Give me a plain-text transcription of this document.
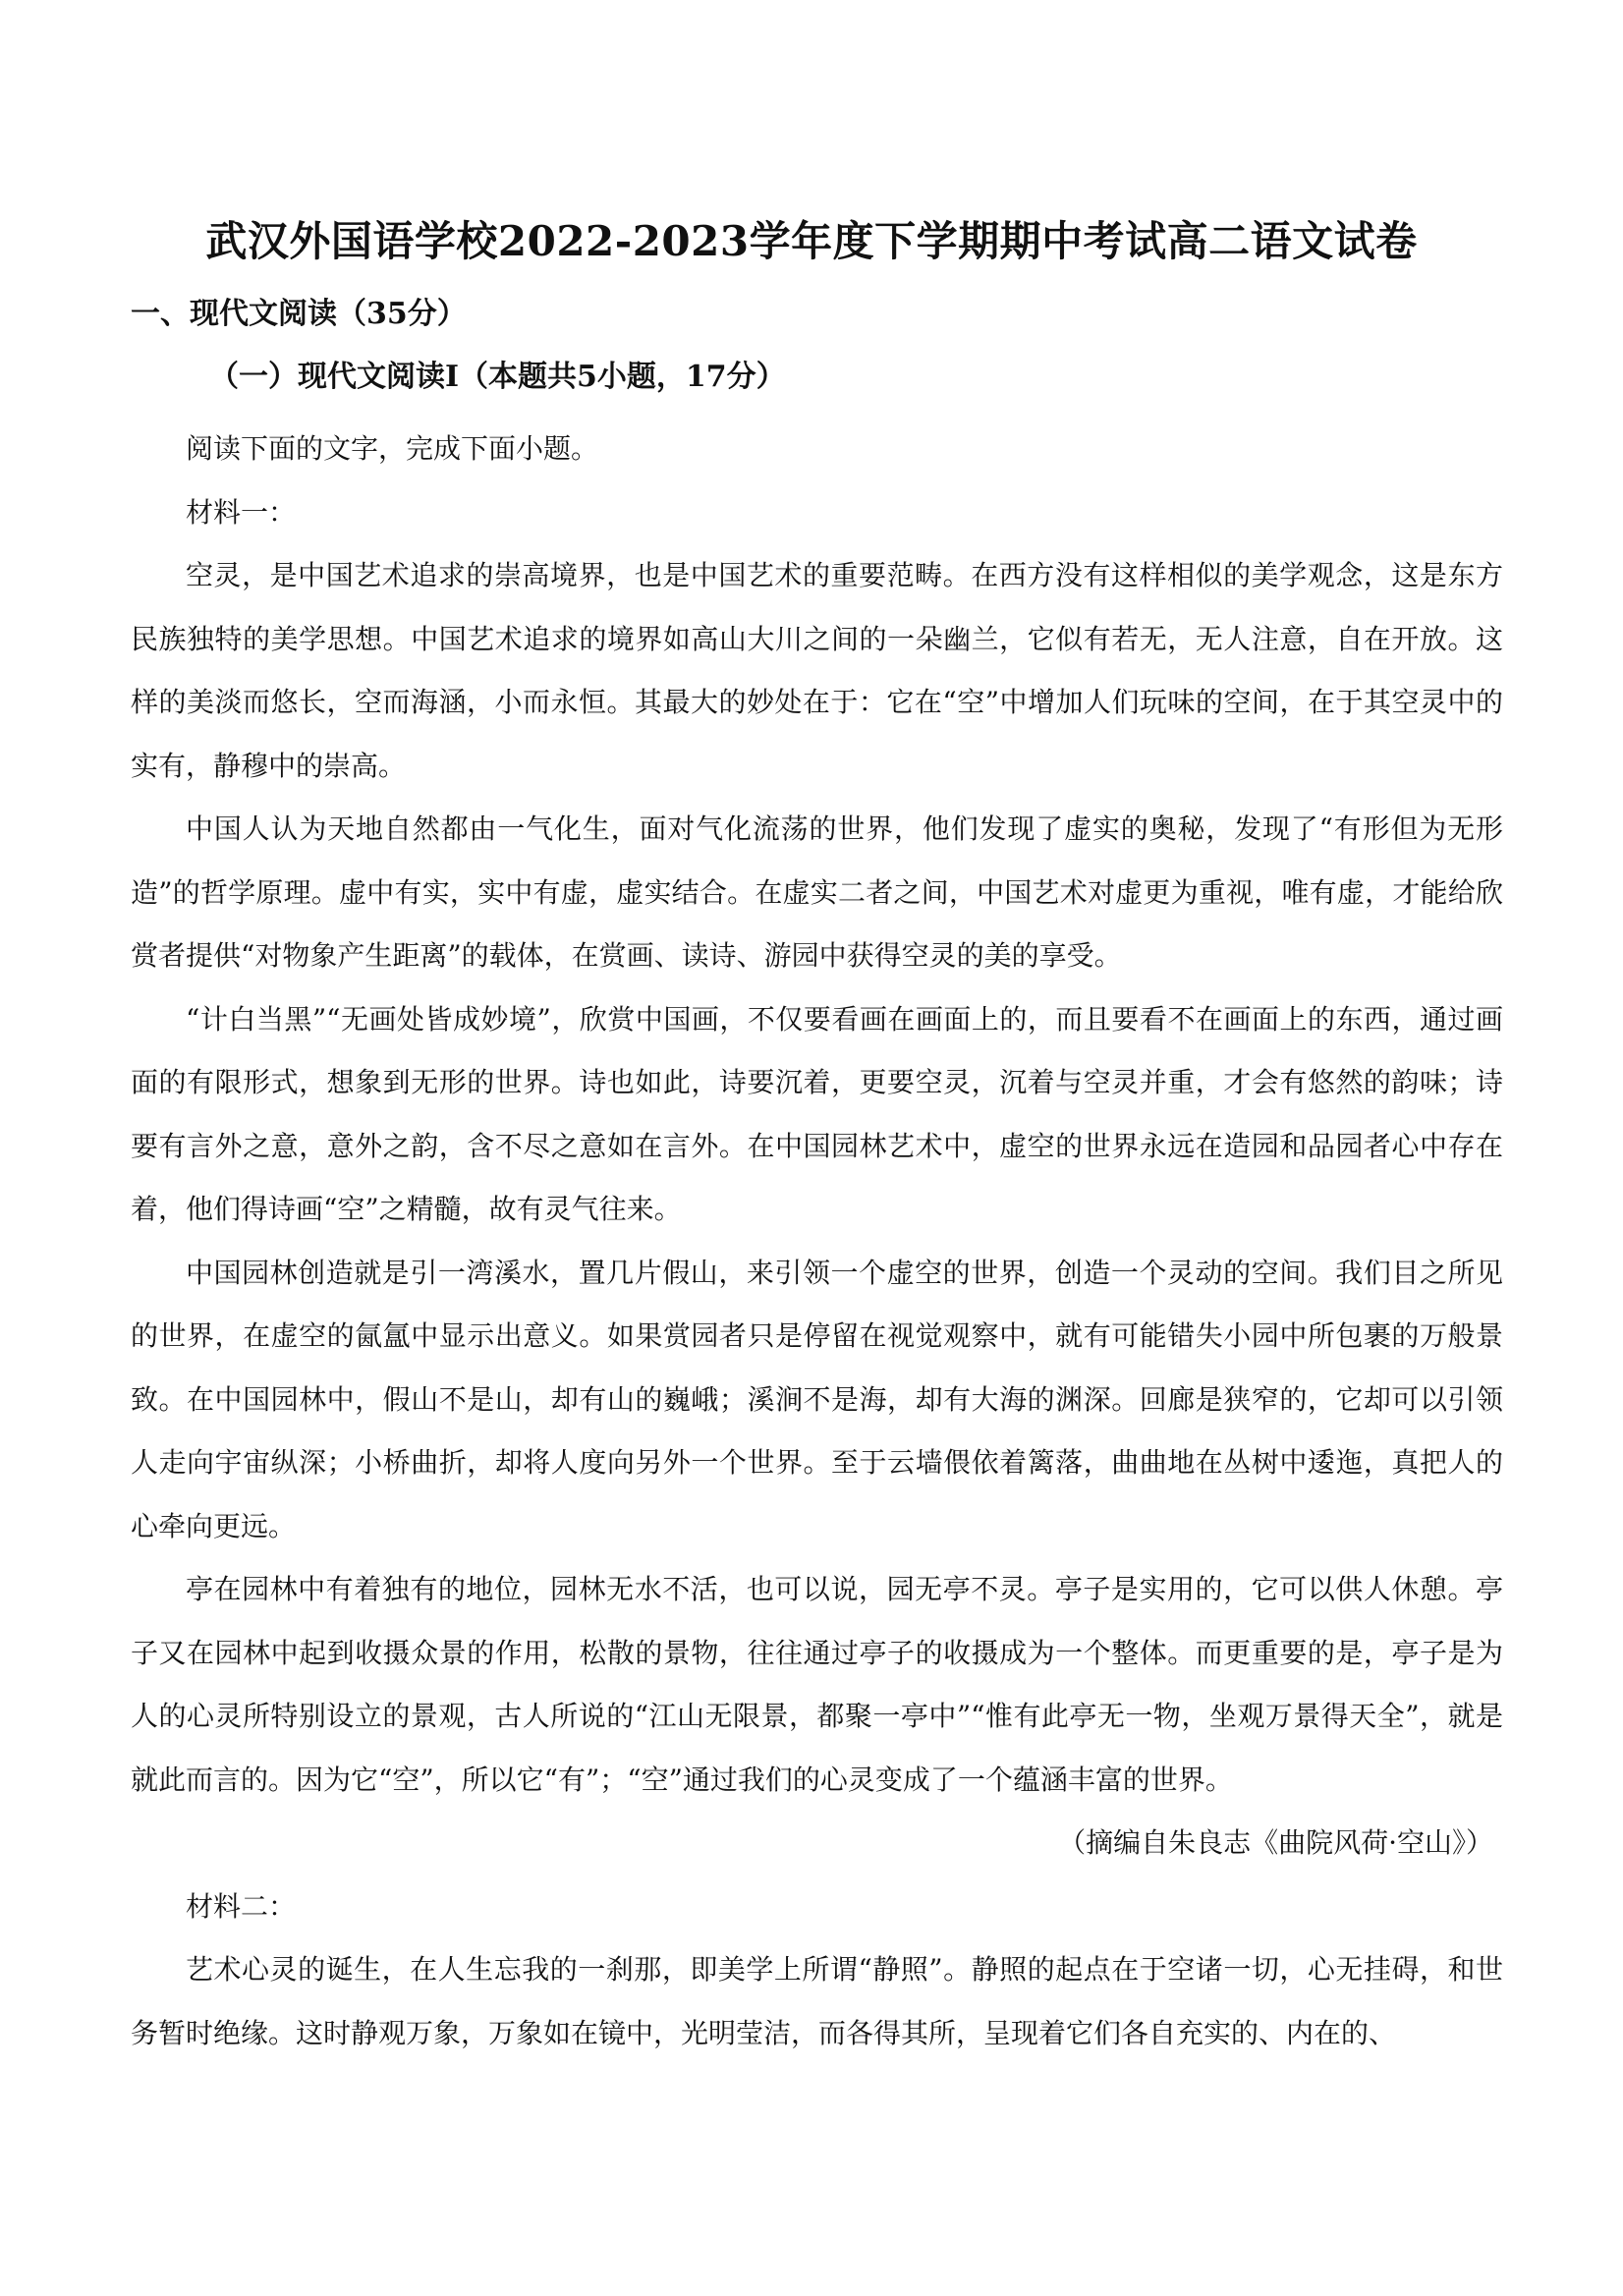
武汉外国语学校2022-2023学年度下学期期中考试高二语文试卷
一、现代文阅读（35分）
（一）现代文阅读Ⅰ（本题共5小题，17分）

阅读下面的文字，完成下面小题。

材料一：

空灵，是中国艺术追求的崇高境界，也是中国艺术的重要范畴。在西方没有这样相似的美学观念，这是东方民族独特的美学思想。中国艺术追求的境界如高山大川之间的一朵幽兰，它似有若无，无人注意，自在开放。这样的美淡而悠长，空而海涵，小而永恒。其最大的妙处在于：它在“空”中增加人们玩味的空间，在于其空灵中的实有，静穆中的崇高。

中国人认为天地自然都由一气化生，面对气化流荡的世界，他们发现了虚实的奥秘，发现了“有形但为无形造”的哲学原理。虚中有实，实中有虚，虚实结合。在虚实二者之间，中国艺术对虚更为重视，唯有虚，才能给欣赏者提供“对物象产生距离”的载体，在赏画、读诗、游园中获得空灵的美的享受。

“计白当黑”“无画处皆成妙境”，欣赏中国画，不仅要看画在画面上的，而且要看不在画面上的东西，通过画面的有限形式，想象到无形的世界。诗也如此，诗要沉着，更要空灵，沉着与空灵并重，才会有悠然的韵味；诗要有言外之意，意外之韵，含不尽之意如在言外。在中国园林艺术中，虚空的世界永远在造园和品园者心中存在着，他们得诗画“空”之精髓，故有灵气往来。

中国园林创造就是引一湾溪水，置几片假山，来引领一个虚空的世界，创造一个灵动的空间。我们目之所见的世界，在虚空的氤氲中显示出意义。如果赏园者只是停留在视觉观察中，就有可能错失小园中所包裹的万般景致。在中国园林中，假山不是山，却有山的巍峨；溪涧不是海，却有大海的渊深。回廊是狭窄的，它却可以引领人走向宇宙纵深；小桥曲折，却将人度向另外一个世界。至于云墙偎依着篱落，曲曲地在丛树中逶迤，真把人的心牵向更远。

亭在园林中有着独有的地位，园林无水不活，也可以说，园无亭不灵。亭子是实用的，它可以供人休憩。亭子又在园林中起到收摄众景的作用，松散的景物，往往通过亭子的收摄成为一个整体。而更重要的是，亭子是为人的心灵所特别设立的景观，古人所说的“江山无限景，都聚一亭中”“惟有此亭无一物，坐观万景得天全”，就是就此而言的。因为它“空”，所以它“有”；“空”通过我们的心灵变成了一个蕴涵丰富的世界。

（摘编自朱良志《曲院风荷·空山》）

材料二：

艺术心灵的诞生，在人生忘我的一刹那，即美学上所谓“静照”。静照的起点在于空诸一切，心无挂碍，和世务暂时绝缘。这时静观万象，万象如在镜中，光明莹洁，而各得其所，呈现着它们各自充实的、内在的、
